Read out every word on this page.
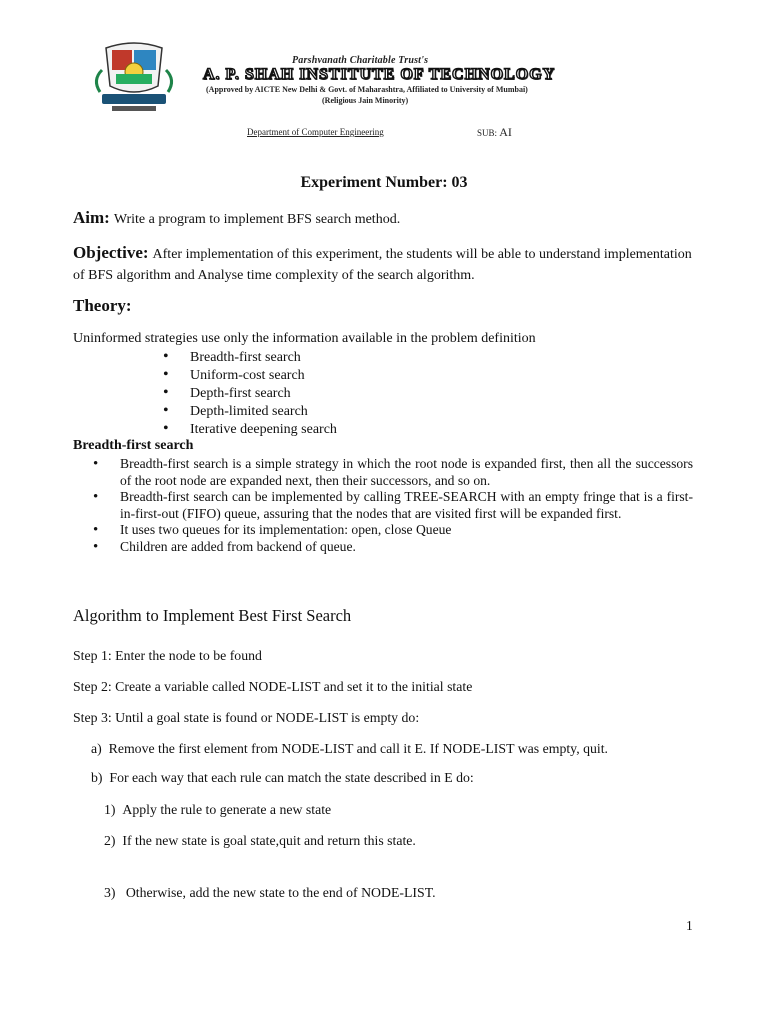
Parshvanath Charitable Trust's
A. P. SHAH INSTITUTE OF TECHNOLOGY
(Approved by AICTE New Delhi & Govt. of Maharashtra, Affiliated to University of Mumbai)
(Religious Jain Minority)
Department of Computer Engineering	SUB: AI
Experiment Number: 03
Aim: Write a program to implement BFS search method.
Objective: After implementation of this experiment, the students will be able to understand implementation of BFS algorithm and Analyse time complexity of the search algorithm.
Theory:
Uninformed strategies use only the information available in the problem definition
• Breadth-first search
• Uniform-cost search
• Depth-first search
• Depth-limited search
• Iterative deepening search
Breadth-first search
• Breadth-first search is a simple strategy in which the root node is expanded first, then all the successors of the root node are expanded next, then their successors, and so on.
• Breadth-first search can be implemented by calling TREE-SEARCH with an empty fringe that is a first-in-first-out (FIFO) queue, assuring that the nodes that are visited first will be expanded first.
• It uses two queues for its implementation: open, close Queue
• Children are added from backend of queue.
Algorithm to Implement Best First Search
Step 1: Enter the node to be found
Step 2: Create a variable called NODE-LIST and set it to the initial state
Step 3: Until a goal state is found or NODE-LIST is empty do:
a)  Remove the first element from NODE-LIST and call it E. If NODE-LIST was empty, quit.
b)  For each way that each rule can match the state described in E do:
1)  Apply the rule to generate a new state
2)  If the new state is goal state,quit and return this state.
3)   Otherwise, add the new state to the end of NODE-LIST.
1
